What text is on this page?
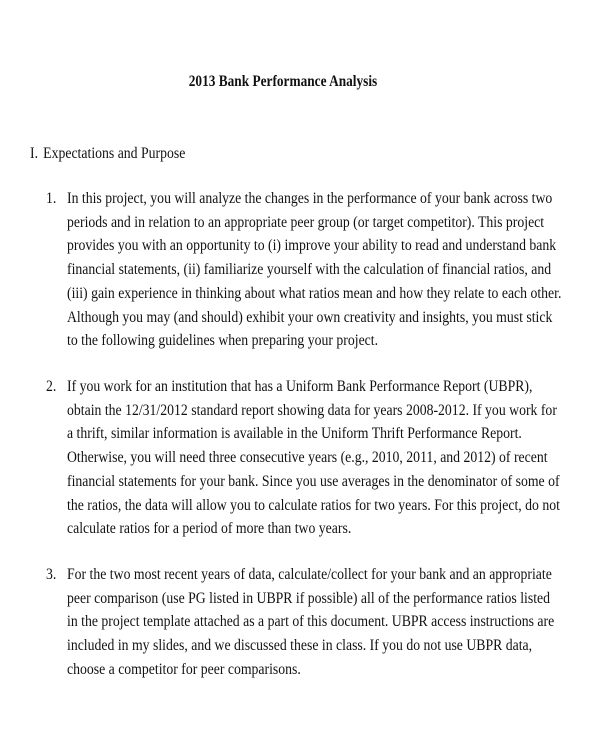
2013 Bank Performance Analysis
I. Expectations and Purpose
1. In this project, you will analyze the changes in the performance of your bank across two
periods and in relation to an appropriate peer group (or target competitor). This project
provides you with an opportunity to (i) improve your ability to read and understand bank
financial statements, (ii) familiarize yourself with the calculation of financial ratios, and
(iii) gain experience in thinking about what ratios mean and how they relate to each other.
Although you may (and should) exhibit your own creativity and insights, you must stick
to the following guidelines when preparing your project.
2. If you work for an institution that has a Uniform Bank Performance Report (UBPR),
obtain the 12/31/2012 standard report showing data for years 2008-2012. If you work for
a thrift, similar information is available in the Uniform Thrift Performance Report.
Otherwise, you will need three consecutive years (e.g., 2010, 2011, and 2012) of recent
financial statements for your bank. Since you use averages in the denominator of some of
the ratios, the data will allow you to calculate ratios for two years. For this project, do not
calculate ratios for a period of more than two years.
3. For the two most recent years of data, calculate/collect for your bank and an appropriate
peer comparison (use PG listed in UBPR if possible) all of the performance ratios listed
in the project template attached as a part of this document. UBPR access instructions are
included in my slides, and we discussed these in class. If you do not use UBPR data,
choose a competitor for peer comparisons.
